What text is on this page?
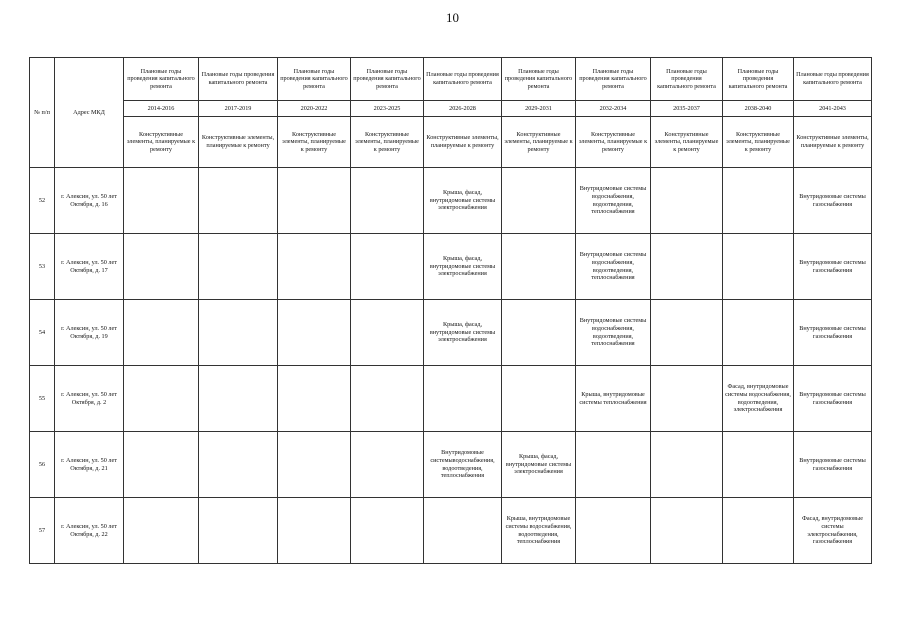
10
№ п/п	Адрес МКД	Плановые годы проведения капитального ремонта	Плановые годы проведения капитального ремонта	Плановые годы проведения капитального ремонта	Плановые годы проведения капитального ремонта	Плановые годы проведения капитального ремонта	Плановые годы проведения капитального ремонта	Плановые годы проведения капитального ремонта	Плановые годы проведения капитального ремонта	Плановые годы проведения капитального ремонта	Плановые годы проведения капитального ремонта
		2014-2016	2017-2019	2020-2022	2023-2025	2026-2028	2029-2031	2032-2034	2035-2037	2038-2040	2041-2043
		Конструктивные элементы, планируемые к ремонту	Конструктивные элементы, планируемые к ремонту	Конструктивные элементы, планируемые к ремонту	Конструктивные элементы, планируемые к ремонту	Конструктивные элементы, планируемые к ремонту	Конструктивные элементы, планируемые к ремонту	Конструктивные элементы, планируемые к ремонту	Конструктивные элементы, планируемые к ремонту	Конструктивные элементы, планируемые к ремонту	Конструктивные элементы, планируемые к ремонту
52	г. Алексин, ул. 50 лет Октября, д. 16					Крыша, фасад, внутридомовые системы электроснабжения		Внутридомовые системы водоснабжения, водоотведения, теплоснабжения			Внутридомовые системы газоснабжения
53	г. Алексин, ул. 50 лет Октября, д. 17					Крыша, фасад, внутридомовые системы электроснабжения		Внутридомовые системы водоснабжения, водоотведения, теплоснабжения			Внутридомовые системы газоснабжения
54	г. Алексин, ул. 50 лет Октября, д. 19					Крыша, фасад, внутридомовые системы электроснабжения		Внутридомовые системы водоснабжения, водоотведения, теплоснабжения			Внутридомовые системы газоснабжения
55	г. Алексин, ул. 50 лет Октября, д. 2							Крыша, внутридомовые системы теплоснабжения		Фасад, внутридомовые системы водоснабжения, водоотведения, электроснабжения	Внутридомовые системы газоснабжения
56	г. Алексин, ул. 50 лет Октября, д. 21					Внутридомовые системыводоснабжения, водоотведения, теплоснабжения	Крыша, фасад, внутридомовые системы электроснабжения				Внутридомовые системы газоснабжения
57	г. Алексин, ул. 50 лет Октября, д. 22						Крыша, внутридомовые системы водоснабжения, водоотведения, теплоснабжения				Фасад, внутридомовые системы электроснабжения, газоснабжения
